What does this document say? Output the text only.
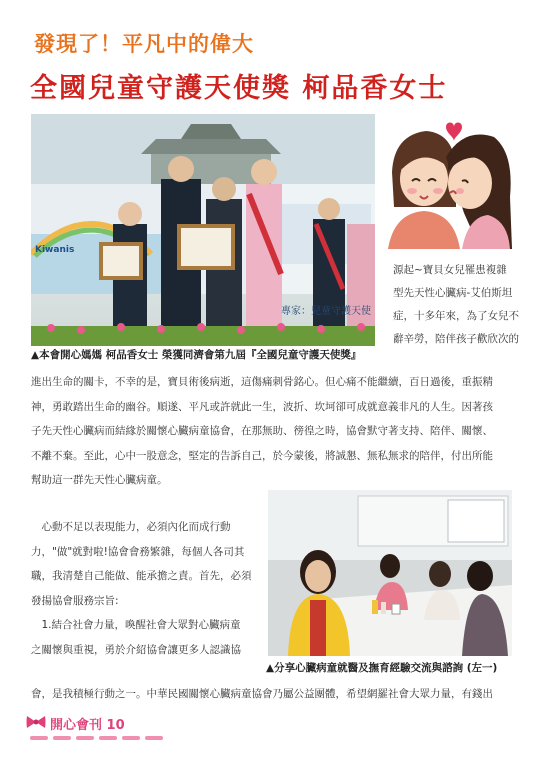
發現了！平凡中的偉大
全國兒童守護天使獎 柯品香女士
Kiwanis
專家：兒童守護天使
▲本會開心媽媽 柯品香女士 榮獲同濟會第九屆『全國兒童守護天使獎』
源起~寶貝女兒罹患複雜
型先天性心臟病-艾伯斯坦
症，十多年來，為了女兒不
辭辛勞，陪伴孩子歡欣次的
進出生命的關卡，不幸的是，寶貝術後病逝，這傷痛刺骨銘心。但心痛不能繼續，百日過後，重振精
神，勇敢踏出生命的幽谷。順遂、平凡或許就此一生，波折、坎坷卻可成就意義非凡的人生。因著孩
子先天性心臟病而結緣於關懷心臟病童協會，在那無助、徬徨之時，協會默守著支持、陪伴、關懷、
不離不棄。至此，心中一股意念，堅定的告訴自己，於今蒙後，將誠懇、無私無求的陪伴，付出所能
幫助這一群先天性心臟病童。
　心動不足以表現能力，必須內化而成行動
力，"做"就對啦!協會會務繁雜，每個人各司其
職，我清楚自己能做、能承擔之責。首先，必須
發揚協會服務宗旨:
　1.結合社會力量，喚醒社會大眾對心臟病童
之關懷與重視，勇於介紹協會讓更多人認識協
▲分享心臟病童就醫及撫育經驗交流與諮詢 (左一)
會，是我積極行動之一。中華民國關懷心臟病童協會乃屬公益團體，希望網羅社會大眾力量，有錢出
開心會刊 10
